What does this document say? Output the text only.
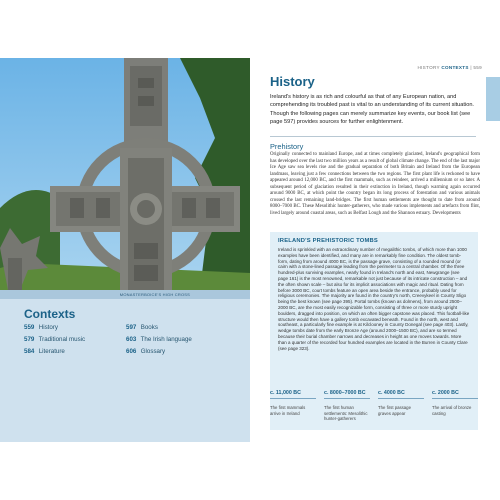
MONASTERBOICE'S HIGH CROSS
Contexts
559 History
579 Traditional music
584 Literature
597 Books
603 The Irish language
606 Glossary
HISTORY CONTEXTS | 559
History
Ireland's history is as rich and colourful as that of any European nation, and comprehending its troubled past is vital to an understanding of its current situation. Though the following pages can merely summarize key events, our book list (see page 597) provides sources for further enlightenment.
Prehistory
Originally connected to mainland Europe, and at times completely glaciated, Ireland's geographical form has developed over the last two million years as a result of global climate change. The end of the last major Ice Age saw sea levels rise and the gradual separation of both Britain and Ireland from the European landmass, leaving just a few connections between the two regions. The first plant life is reckoned to have appeared around 12,000 BC, and the first mammals, such as reindeer, arrived a millennium or so later. A subsequent period of glaciation resulted in their extinction in Ireland, though warming again occurred around 9000 BC, at which point the country began its long process of forestation and various animals crossed the last remaining land-bridges. The first human settlements are thought to date from around 8000–7000 BC. These Mesolithic hunter-gatherers, who made various implements and artefacts from flint, lived largely around coastal areas, such as Belfast Lough and the Shannon estuary. Developments
IRELAND'S PREHISTORIC TOMBS
Ireland is sprinkled with an extraordinary number of megalithic tombs, of which more than 1000 examples have been identified, and many are in remarkably fine condition. The oldest tomb-form, dating from around 4000 BC, is the passage grave, consisting of a rounded mound (or cairn with a stone-lined passage leading from the perimeter to a central chamber. Of the three hundred-plus surviving examples, nearly found in Ireland's north and east, Newgrange (see page 161) is the most renowned, remarkable not just because of its intricate construction – and the often shown scale – but also for its implicit associations with magic and ritual. Dating from before 3000 BC, court tombs feature an open area beside the entrance, probably used for religious ceremonies. The majority are found in the country's north, Creevykeel in County Sligo being the best known (see page 395). Portal tombs (known as dolmens), from around 2500–2000 BC, are the most easily recognizable form, consisting of three or more sturdy upright boulders, dragged into position, on which an often bigger capstone was placed. This football-like structure would then have a gallery tomb excavated beneath. Found in the north, west and southeast, a particularly fine example is at Kilclooney in County Donegal (see page 403). Lastly, wedge tombs date from the early Bronze Age (around 2000–1500 BC), and are so termed because their burial chamber narrows and decreases in height as one moves towards. More than a quarter of the recorded four hundred examples are located in the Burren in County Clare (see page 323).
c. 11,000 BC
The first mammals arrive in Ireland
c. 8000–7000 BC
The first human settlements: Mesolithic hunter-gatherers
c. 4000 BC
The first passage graves appear
c. 2000 BC
The arrival of bronze casting
